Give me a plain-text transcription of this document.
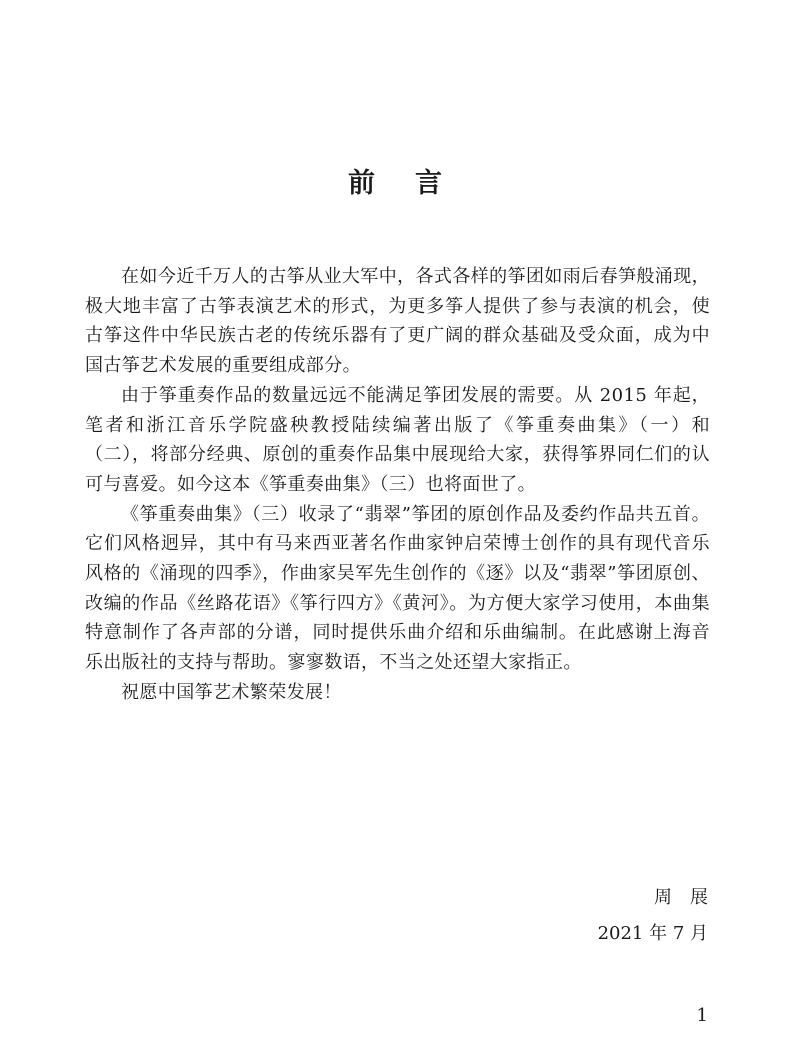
前言

在如今近千万人的古筝从业大军中，各式各样的筝团如雨后春笋般涌现，极大地丰富了古筝表演艺术的形式，为更多筝人提供了参与表演的机会，使古筝这件中华民族古老的传统乐器有了更广阔的群众基础及受众面，成为中国古筝艺术发展的重要组成部分。

由于筝重奏作品的数量远远不能满足筝团发展的需要。从 2015 年起，笔者和浙江音乐学院盛秧教授陆续编著出版了《筝重奏曲集》（一）和（二），将部分经典、原创的重奏作品集中展现给大家，获得筝界同仁们的认可与喜爱。如今这本《筝重奏曲集》（三）也将面世了。

《筝重奏曲集》（三）收录了“翡翠”筝团的原创作品及委约作品共五首。它们风格迥异，其中有马来西亚著名作曲家钟启荣博士创作的具有现代音乐风格的《涌现的四季》，作曲家吴军先生创作的《逐》以及“翡翠”筝团原创、改编的作品《丝路花语》《筝行四方》《黄河》。为方便大家学习使用，本曲集特意制作了各声部的分谱，同时提供乐曲介绍和乐曲编制。在此感谢上海音乐出版社的支持与帮助。寥寥数语，不当之处还望大家指正。

祝愿中国筝艺术繁荣发展！

周展
2021 年 7 月
1
